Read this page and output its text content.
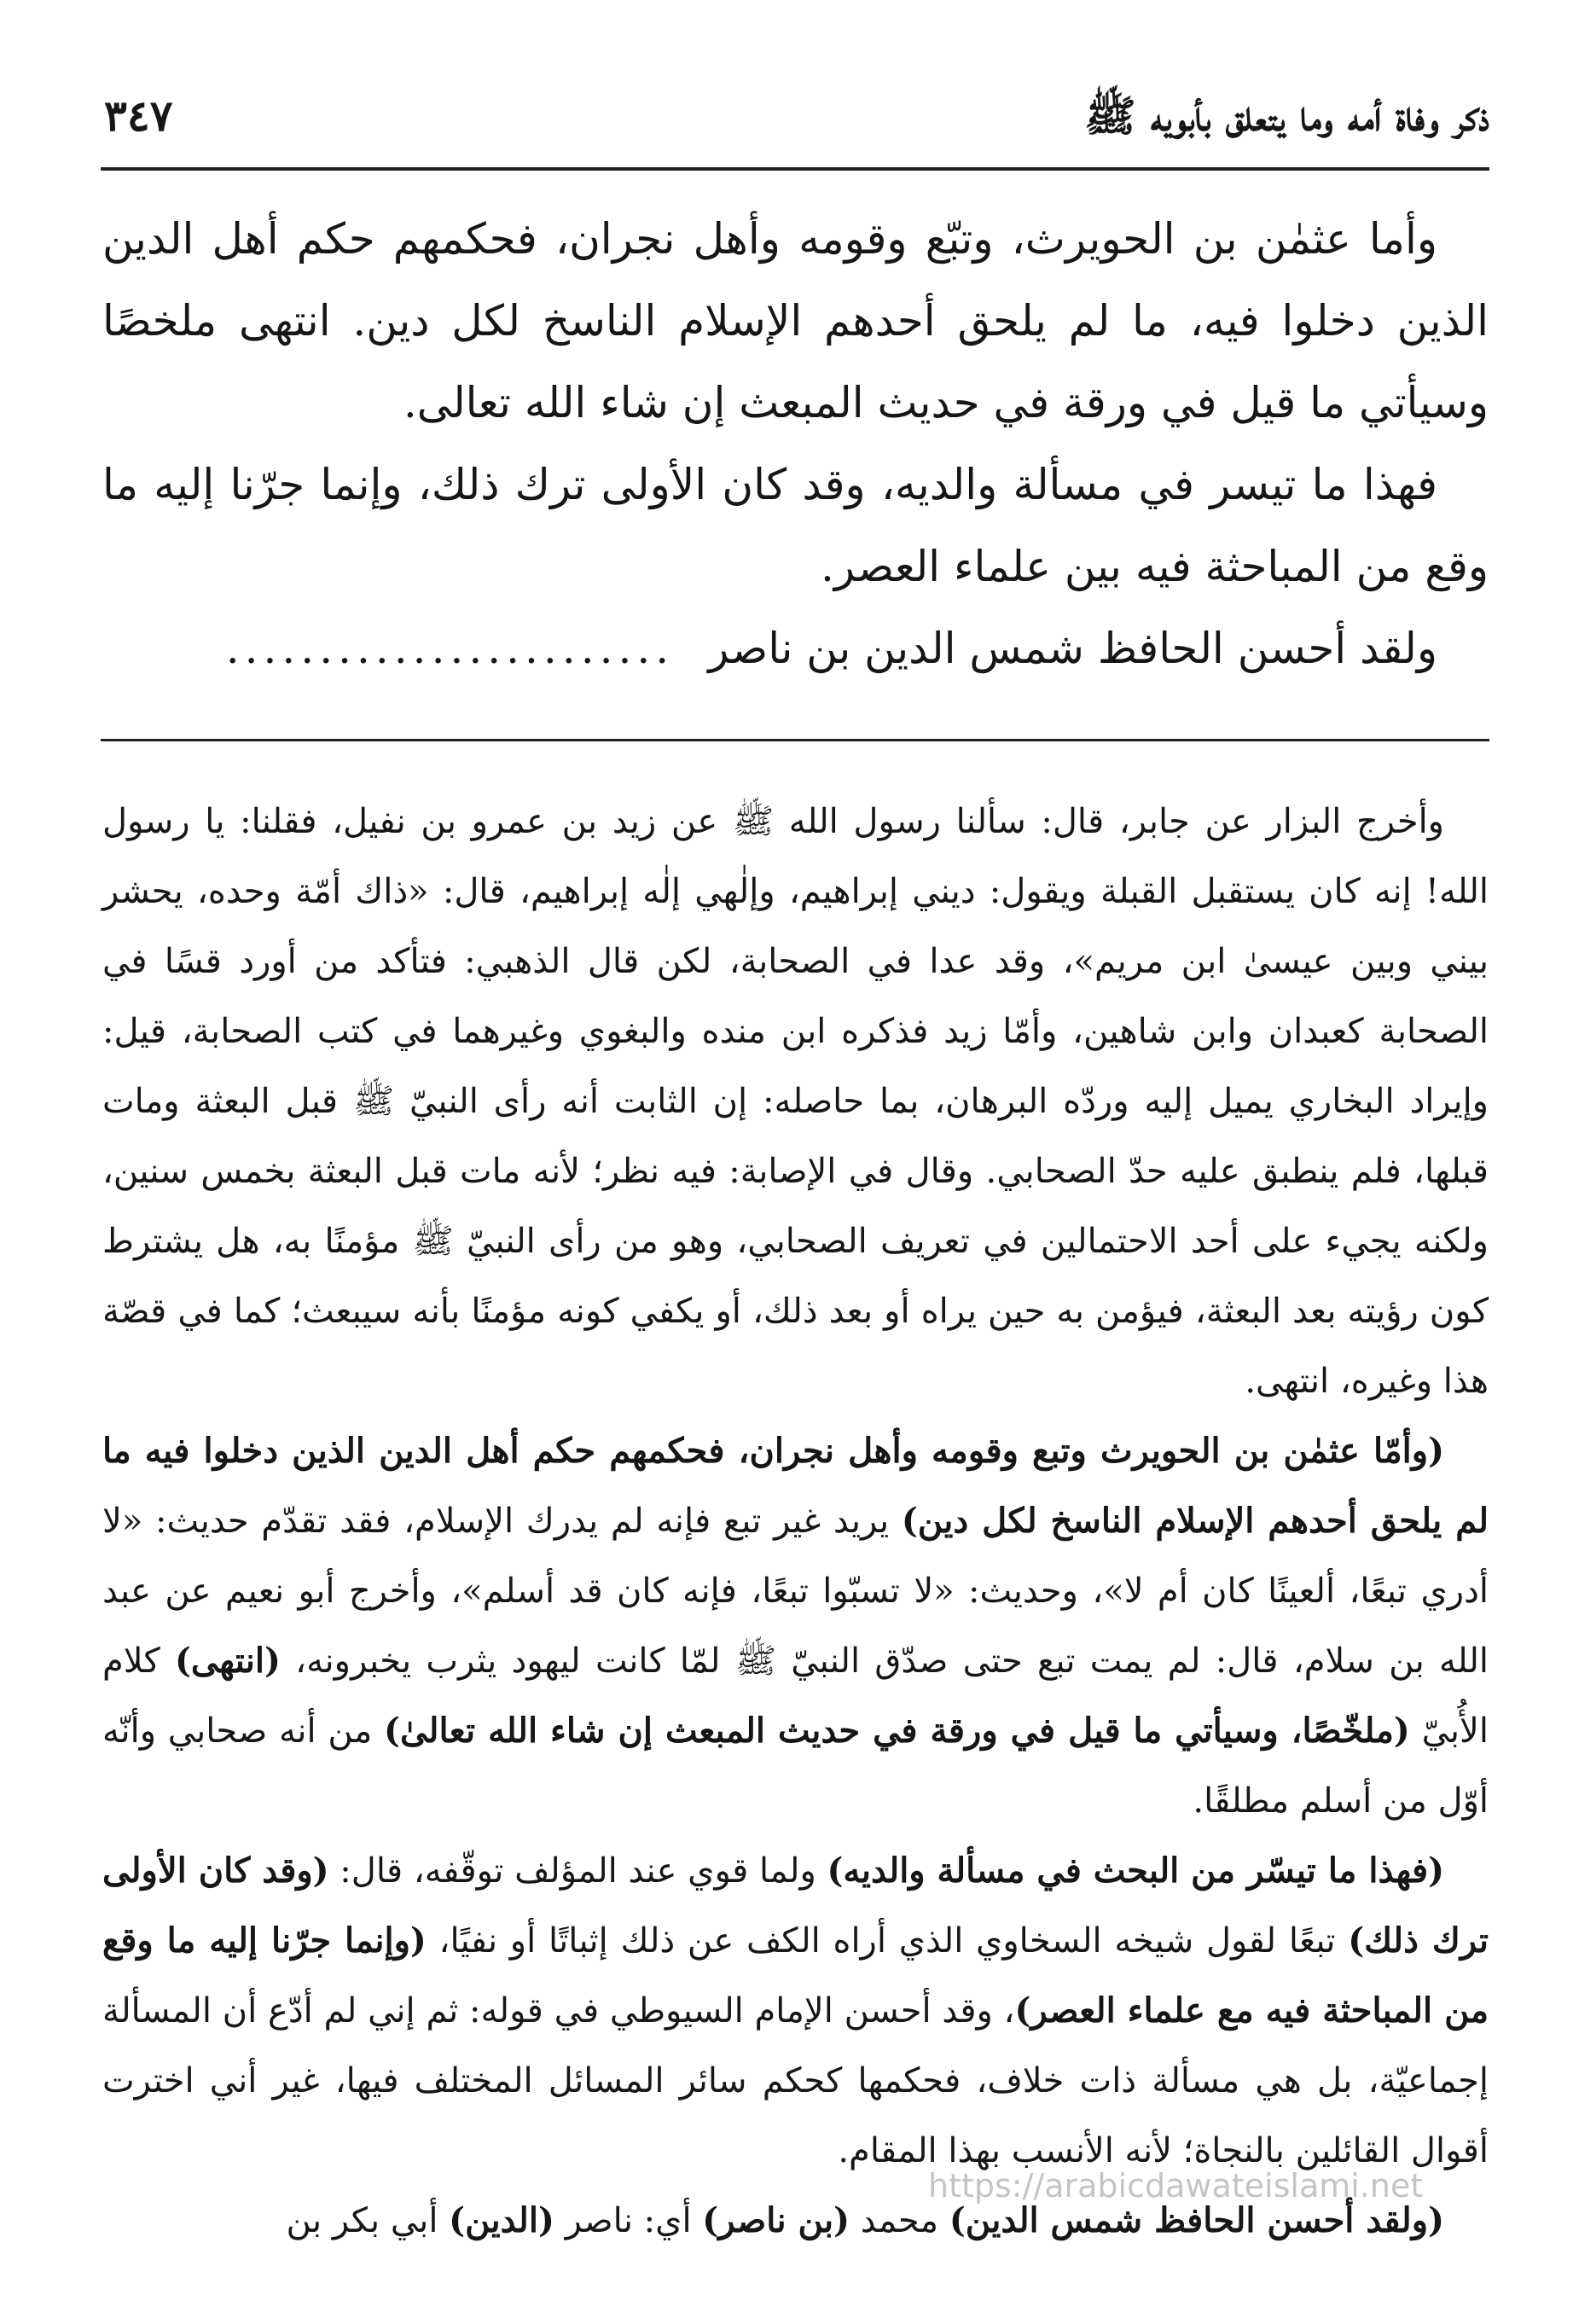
ذكر وفاة أمه وما يتعلق بأبويه ﷺ
٣٤٧

وأما عثمٰن بن الحويرث، وتبّع وقومه وأهل نجران، فحكمهم حكم أهل الدين الذين دخلوا فيه، ما لم يلحق أحدهم الإسلام الناسخ لكل دين. انتهى ملخصًا وسيأتي ما قيل في ورقة في حديث المبعث إن شاء الله تعالى.

فهذا ما تيسر في مسألة والديه، وقد كان الأولى ترك ذلك، وإنما جرّنا إليه ما وقع من المباحثة فيه بين علماء العصر.

ولقد أحسن الحافظ شمس الدين بن ناصر........................

وأخرج البزار عن جابر، قال: سألنا رسول الله ﷺ عن زيد بن عمرو بن نفيل، فقلنا: يا رسول الله! إنه كان يستقبل القبلة ويقول: ديني إبراهيم، وإلٰهي إلٰه إبراهيم، قال: «ذاك أمّة وحده، يحشر بيني وبين عيسىٰ ابن مريم»، وقد عدا في الصحابة، لكن قال الذهبي: فتأكد من أورد قسًا في الصحابة كعبدان وابن شاهين، وأمّا زيد فذكره ابن منده والبغوي وغيرهما في كتب الصحابة، قيل: وإيراد البخاري يميل إليه وردّه البرهان، بما حاصله: إن الثابت أنه رأى النبيّ ﷺ قبل البعثة ومات قبلها، فلم ينطبق عليه حدّ الصحابي. وقال في الإصابة: فيه نظر؛ لأنه مات قبل البعثة بخمس سنين، ولكنه يجيء على أحد الاحتمالين في تعريف الصحابي، وهو من رأى النبيّ ﷺ مؤمنًا به، هل يشترط كون رؤيته بعد البعثة، فيؤمن به حين يراه أو بعد ذلك، أو يكفي كونه مؤمنًا بأنه سيبعث؛ كما في قصّة هذا وغيره، انتهى.

(وأمّا عثمٰن بن الحويرث وتبع وقومه وأهل نجران، فحكمهم حكم أهل الدين الذين دخلوا فيه ما لم يلحق أحدهم الإسلام الناسخ لكل دين) يريد غير تبع فإنه لم يدرك الإسلام، فقد تقدّم حديث: «لا أدري تبعًا، ألعينًا كان أم لا»، وحديث: «لا تسبّوا تبعًا، فإنه كان قد أسلم»، وأخرج أبو نعيم عن عبد الله بن سلام، قال: لم يمت تبع حتى صدّق النبيّ ﷺ لمّا كانت ليهود يثرب يخبرونه، (انتهى) كلام الأُبيّ (ملخّصًا، وسيأتي ما قيل في ورقة في حديث المبعث إن شاء الله تعالىٰ) من أنه صحابي وأنّه أوّل من أسلم مطلقًا.

(فهذا ما تيسّر من البحث في مسألة والديه) ولما قوي عند المؤلف توقّفه، قال: (وقد كان الأولى ترك ذلك) تبعًا لقول شيخه السخاوي الذي أراه الكف عن ذلك إثباتًا أو نفيًا، (وإنما جرّنا إليه ما وقع من المباحثة فيه مع علماء العصر)، وقد أحسن الإمام السيوطي في قوله: ثم إني لم أدّع أن المسألة إجماعيّة، بل هي مسألة ذات خلاف، فحكمها كحكم سائر المسائل المختلف فيها، غير أني اخترت أقوال القائلين بالنجاة؛ لأنه الأنسب بهذا المقام.

(ولقد أحسن الحافظ شمس الدين) محمد (بن ناصر) أي: ناصر (الدين) أبي بكر بن

https://arabicdawateislami.net
